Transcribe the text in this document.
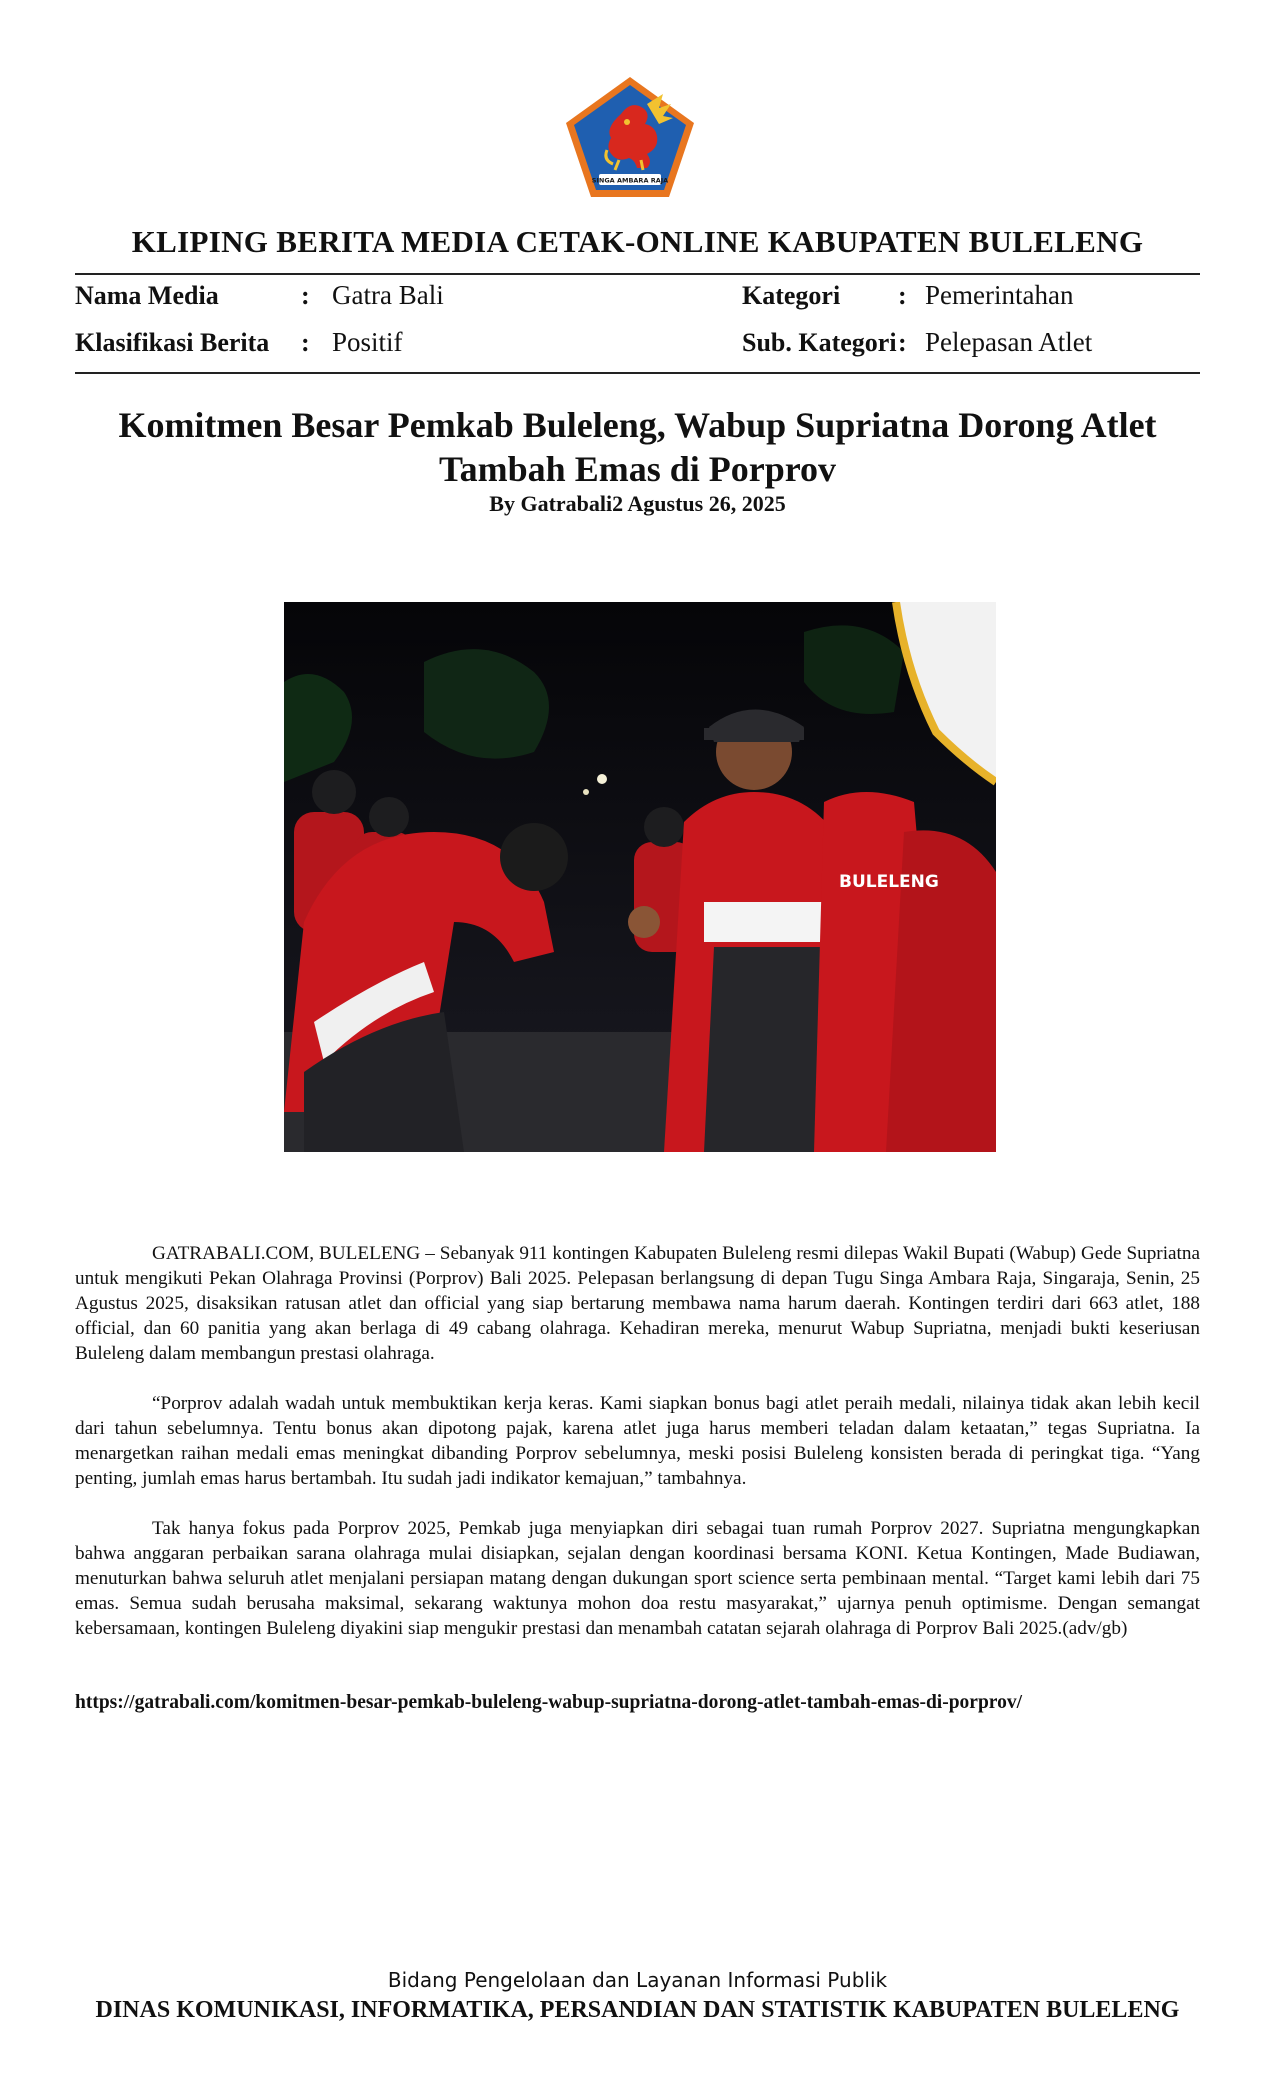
SINGA AMBARA RAJA
KLIPING BERITA MEDIA CETAK-ONLINE KABUPATEN BULELENG
Nama Media	: Gatra Bali
Klasifikasi Berita : Positif
Kategori : Pemerintahan
Sub. Kategori : Pelepasan Atlet
Komitmen Besar Pemkab Buleleng, Wabup Supriatna Dorong Atlet Tambah Emas di Porprov
By Gatrabali2 Agustus 26, 2025
BULELENG

GATRABALI.COM, BULELENG – Sebanyak 911 kontingen Kabupaten Buleleng resmi dilepas Wakil Bupati (Wabup) Gede Supriatna untuk mengikuti Pekan Olahraga Provinsi (Porprov) Bali 2025. Pelepasan berlangsung di depan Tugu Singa Ambara Raja, Singaraja, Senin, 25 Agustus 2025, disaksikan ratusan atlet dan official yang siap bertarung membawa nama harum daerah. Kontingen terdiri dari 663 atlet, 188 official, dan 60 panitia yang akan berlaga di 49 cabang olahraga. Kehadiran mereka, menurut Wabup Supriatna, menjadi bukti keseriusan Buleleng dalam membangun prestasi olahraga.

“Porprov adalah wadah untuk membuktikan kerja keras. Kami siapkan bonus bagi atlet peraih medali, nilainya tidak akan lebih kecil dari tahun sebelumnya. Tentu bonus akan dipotong pajak, karena atlet juga harus memberi teladan dalam ketaatan,” tegas Supriatna. Ia menargetkan raihan medali emas meningkat dibanding Porprov sebelumnya, meski posisi Buleleng konsisten berada di peringkat tiga. “Yang penting, jumlah emas harus bertambah. Itu sudah jadi indikator kemajuan,” tambahnya.

Tak hanya fokus pada Porprov 2025, Pemkab juga menyiapkan diri sebagai tuan rumah Porprov 2027. Supriatna mengungkapkan bahwa anggaran perbaikan sarana olahraga mulai disiapkan, sejalan dengan koordinasi bersama KONI. Ketua Kontingen, Made Budiawan, menuturkan bahwa seluruh atlet menjalani persiapan matang dengan dukungan sport science serta pembinaan mental. “Target kami lebih dari 75 emas. Semua sudah berusaha maksimal, sekarang waktunya mohon doa restu masyarakat,” ujarnya penuh optimisme. Dengan semangat kebersamaan, kontingen Buleleng diyakini siap mengukir prestasi dan menambah catatan sejarah olahraga di Porprov Bali 2025.(adv/gb)

https://gatrabali.com/komitmen-besar-pemkab-buleleng-wabup-supriatna-dorong-atlet-tambah-emas-di-porprov/
Bidang Pengelolaan dan Layanan Informasi Publik
DINAS KOMUNIKASI, INFORMATIKA, PERSANDIAN DAN STATISTIK KABUPATEN BULELENG
